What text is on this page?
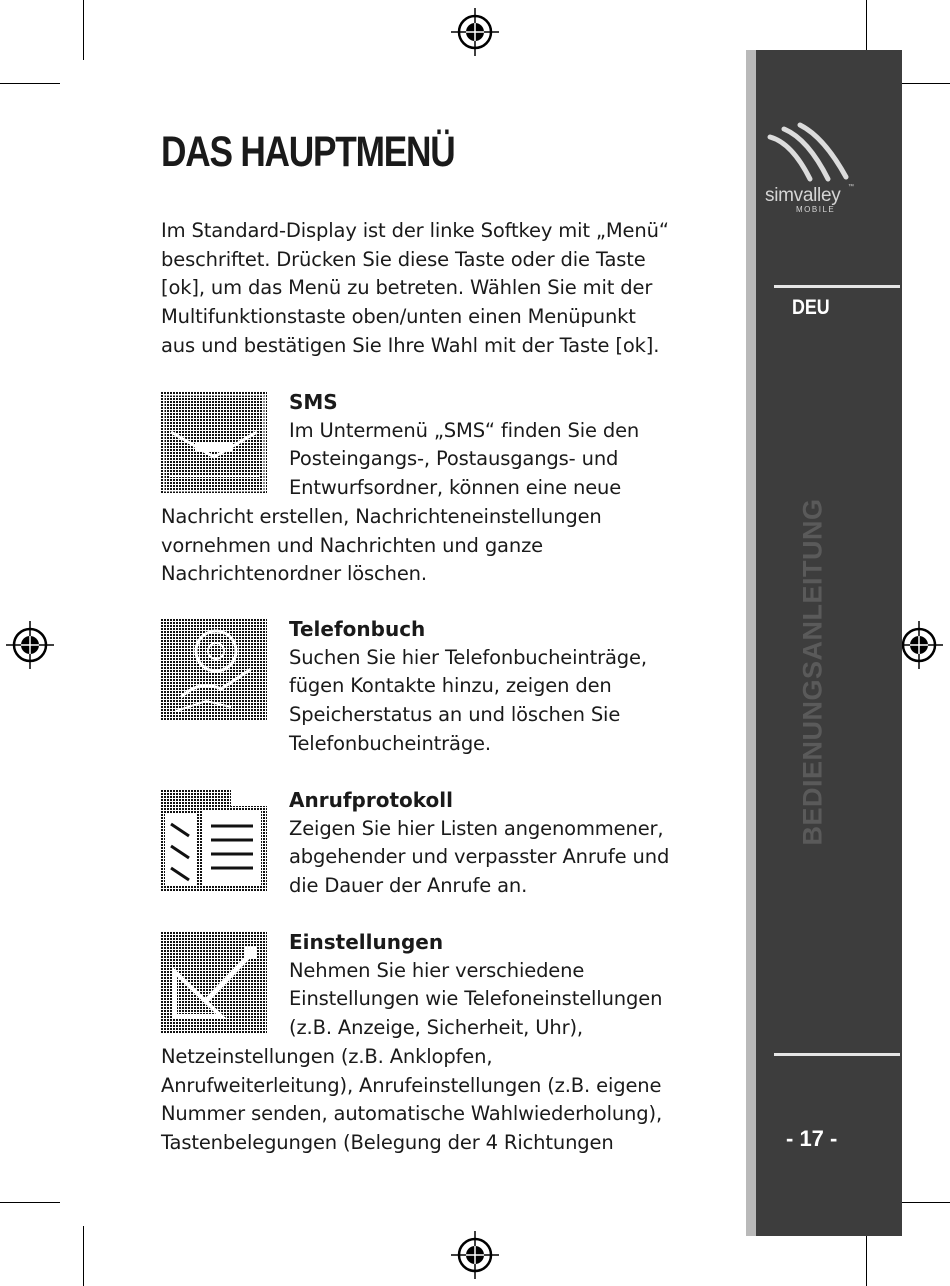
DAS HAUPTMENÜ
Im Standard-Display ist der linke Softkey mit „Menü“
beschriftet. Drücken Sie diese Taste oder die Taste
[ok], um das Menü zu betreten. Wählen Sie mit der
Multifunktionstaste oben/unten einen Menüpunkt
aus und bestätigen Sie Ihre Wahl mit der Taste [ok].
SMS
Im Untermenü „SMS“ finden Sie den
Posteingangs-, Postausgangs- und
Entwurfsordner, können eine neue
Nachricht erstellen, Nachrichteneinstellungen
vornehmen und Nachrichten und ganze
Nachrichtenordner löschen.
Telefonbuch
Suchen Sie hier Telefonbucheinträge,
fügen Kontakte hinzu, zeigen den
Speicherstatus an und löschen Sie
Telefonbucheinträge.
Anrufprotokoll
Zeigen Sie hier Listen angenommener,
abgehender und verpasster Anrufe und
die Dauer der Anrufe an.
Einstellungen
Nehmen Sie hier verschiedene
Einstellungen wie Telefoneinstellungen
(z.B. Anzeige, Sicherheit, Uhr),
Netzeinstellungen (z.B. Anklopfen,
Anrufweiterleitung), Anrufeinstellungen (z.B. eigene
Nummer senden, automatische Wahlwiederholung),
Tastenbelegungen (Belegung der 4 Richtungen
simvalley ™
MOBILE
DEU
BEDIENUNGSANLEITUNG
- 17 -
